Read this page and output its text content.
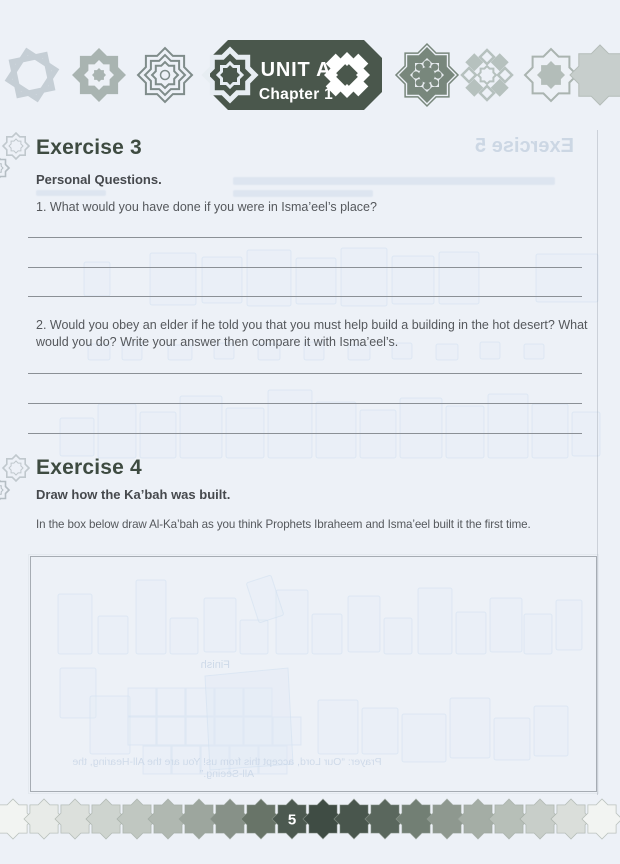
Exercise 5
Finish
Prayer: “Our Lord, accept this from us! You are the All-Hearing, the All-Seeing.”
UNIT A
Chapter 1
Exercise 3

Personal Questions.

1. What would you have done if you were in Isma’eel’s place?

2. Would you obey an elder if he told you that you must help build a building in the hot desert? What would you do? Write your answer then compare it with Isma’eel’s.

Exercise 4

Draw how the Ka’bah was built.

In the box below draw Al-Ka’bah as you think Prophets Ibraheem and Isma’eel built it the first time.

5
